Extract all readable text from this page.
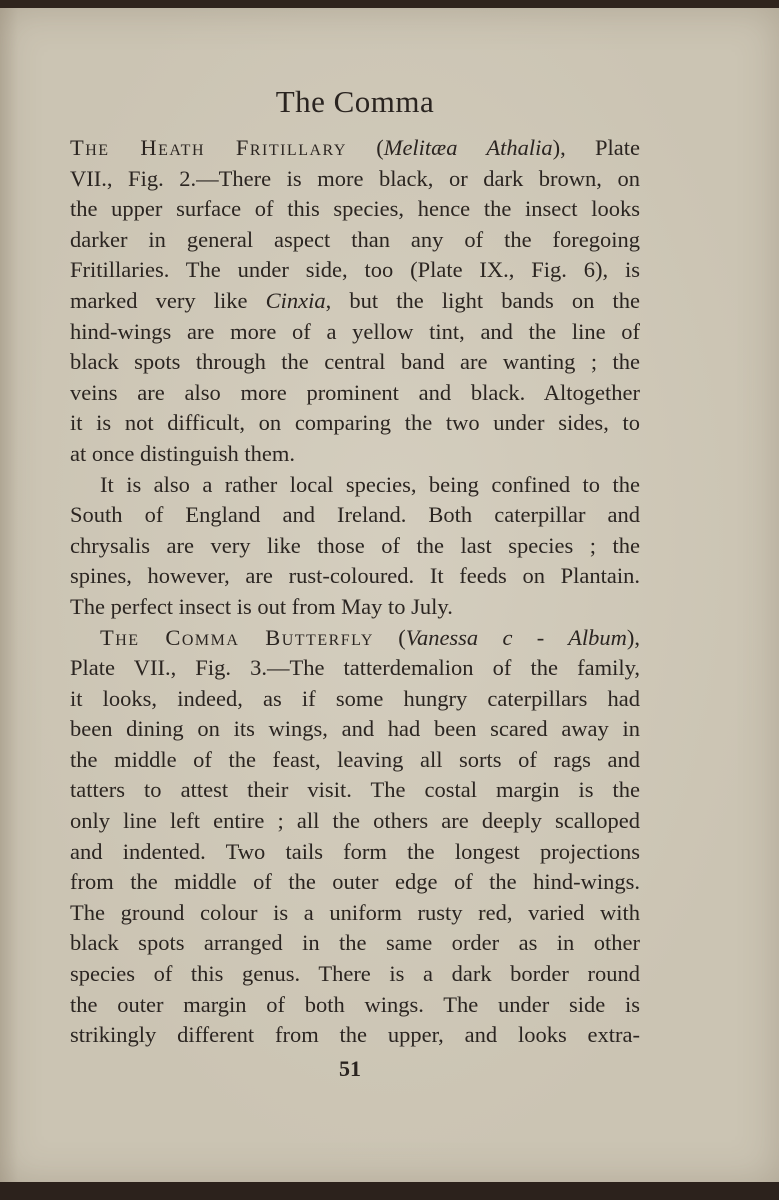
The Comma
The Heath Fritillary (Melitæa Athalia), Plate
VII., Fig. 2.—There is more black, or dark brown, on
the upper surface of this species, hence the insect looks
darker in general aspect than any of the foregoing
Fritillaries. The under side, too (Plate IX., Fig. 6), is
marked very like Cinxia, but the light bands on the
hind-wings are more of a yellow tint, and the line of
black spots through the central band are wanting ; the
veins are also more prominent and black. Altogether
it is not difficult, on comparing the two under sides, to
at once distinguish them.
It is also a rather local species, being confined to the
South of England and Ireland. Both caterpillar and
chrysalis are very like those of the last species ; the
spines, however, are rust-coloured. It feeds on Plantain.
The perfect insect is out from May to July.
The Comma Butterfly (Vanessa c - Album),
Plate VII., Fig. 3.—The tatterdemalion of the family,
it looks, indeed, as if some hungry caterpillars had
been dining on its wings, and had been scared away in
the middle of the feast, leaving all sorts of rags and
tatters to attest their visit. The costal margin is the
only line left entire ; all the others are deeply scalloped
and indented. Two tails form the longest projections
from the middle of the outer edge of the hind-wings.
The ground colour is a uniform rusty red, varied with
black spots arranged in the same order as in other
species of this genus. There is a dark border round
the outer margin of both wings. The under side is
strikingly different from the upper, and looks extra-
51
